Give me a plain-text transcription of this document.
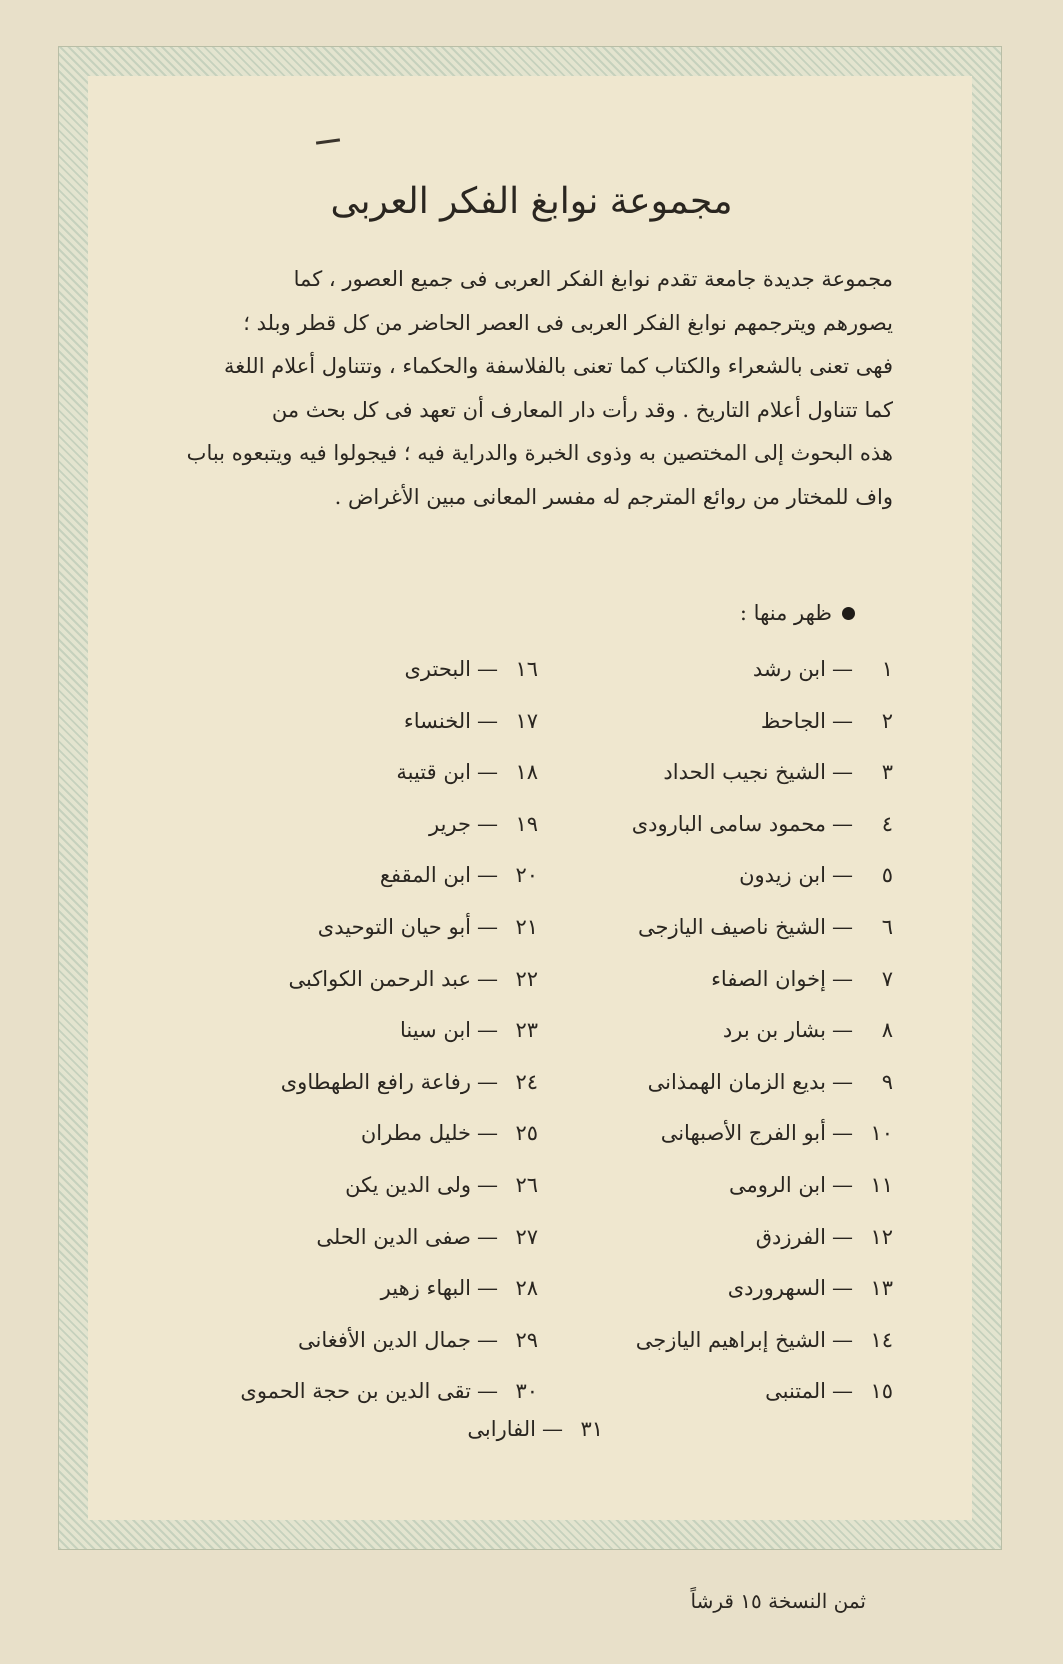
مجموعة نوابغ الفكر العربى

مجموعة جديدة جامعة تقدم نوابغ الفكر العربى فى جميع العصور ، كما
يصورهم ويترجمهم نوابغ الفكر العربى فى العصر الحاضر من كل قطر وبلد ؛
فهى تعنى بالشعراء والكتاب كما تعنى بالفلاسفة والحكماء ، وتتناول أعلام اللغة
كما تتناول أعلام التاريخ . وقد رأت دار المعارف أن تعهد فى كل بحث من
هذه البحوث إلى المختصين به وذوى الخبرة والدراية فيه ؛ فيجولوا فيه ويتبعوه بباب
واف للمختار من روائع المترجم له مفسر المعانى مبين الأغراض .

ظهر منها :
١—ابن رشد
٢—الجاحظ
٣—الشيخ نجيب الحداد
٤—محمود سامى البارودى
٥—ابن زيدون
٦—الشيخ ناصيف اليازجى
٧—إخوان الصفاء
٨—بشار بن برد
٩—بديع الزمان الهمذانى
١٠—أبو الفرج الأصبهانى
١١—ابن الرومى
١٢—الفرزدق
١٣—السهروردى
١٤—الشيخ إبراهيم اليازجى
١٥—المتنبى
١٦—البحترى
١٧—الخنساء
١٨—ابن قتيبة
١٩—جرير
٢٠—ابن المقفع
٢١—أبو حيان التوحيدى
٢٢—عبد الرحمن الكواكبى
٢٣—ابن سينا
٢٤—رفاعة رافع الطهطاوى
٢٥—خليل مطران
٢٦—ولى الدين يكن
٢٧—صفى الدين الحلى
٢٨—البهاء زهير
٢٩—جمال الدين الأفغانى
٣٠—تقى الدين بن حجة الحموى
٣١—الفارابى
ثمن النسخة ١٥ قرشاً
